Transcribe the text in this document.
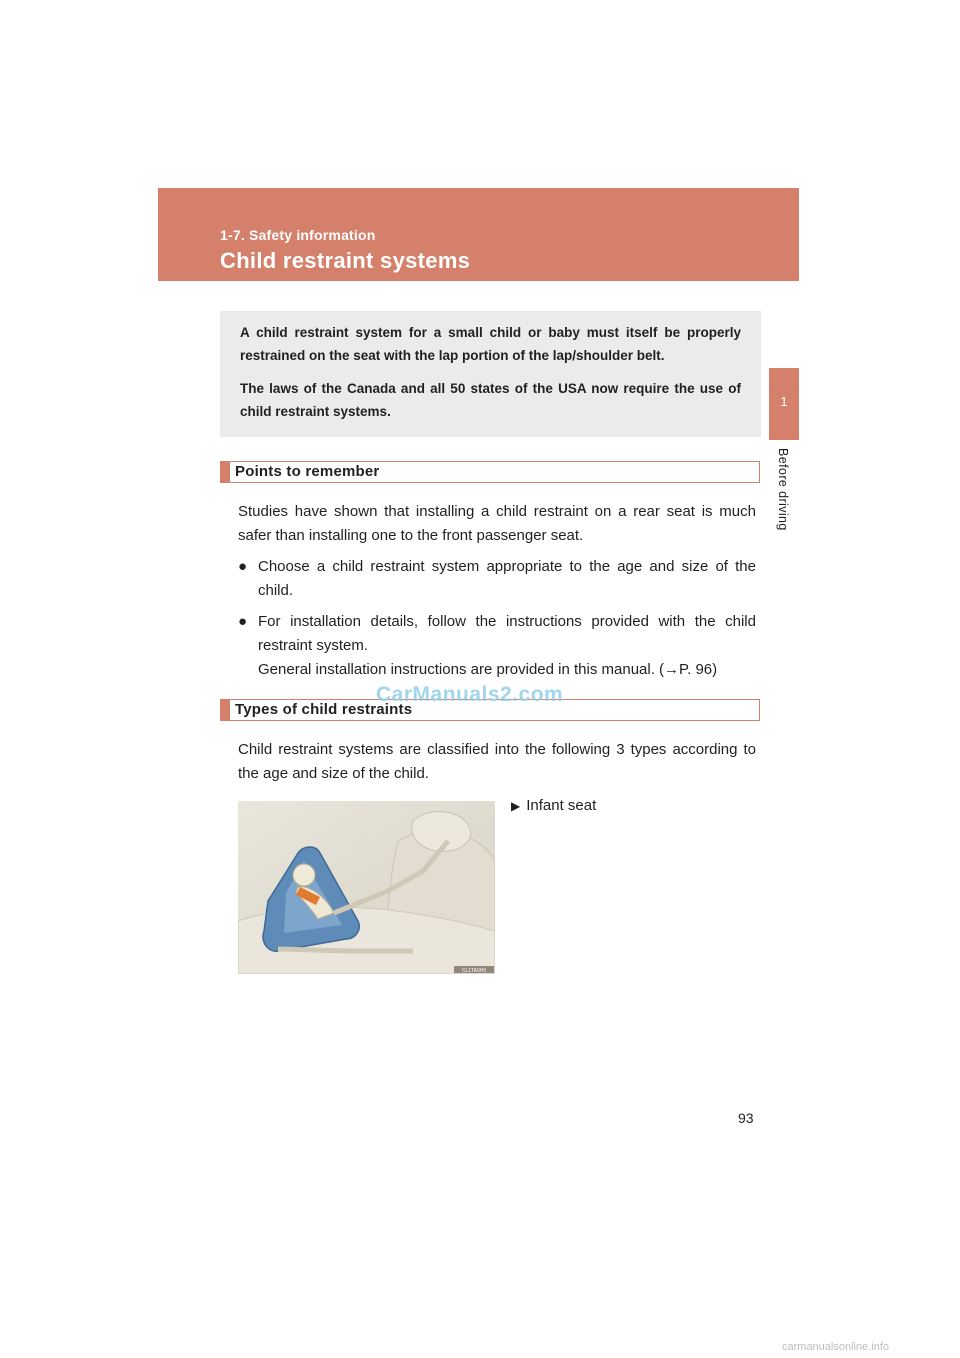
1-7. Safety information
Child restraint systems
1
Before driving

A child restraint system for a small child or baby must itself be properly restrained on the seat with the lap portion of the lap/shoulder belt.

The laws of the Canada and all 50 states of the USA now require the use of child restraint systems.

Points to remember

Studies have shown that installing a child restraint on a rear seat is much safer than installing one to the front passenger seat.

● Choose a child restraint system appropriate to the age and size of the child.
● For installation details, follow the instructions provided with the child restraint system.
General installation instructions are provided in this manual. (→P. 96)
Types of child restraints
CarManuals2.com

Child restraint systems are classified into the following 3 types according to the age and size of the child.

CL1TA0H0
▶ Infant seat
93
carmanualsonline.info
